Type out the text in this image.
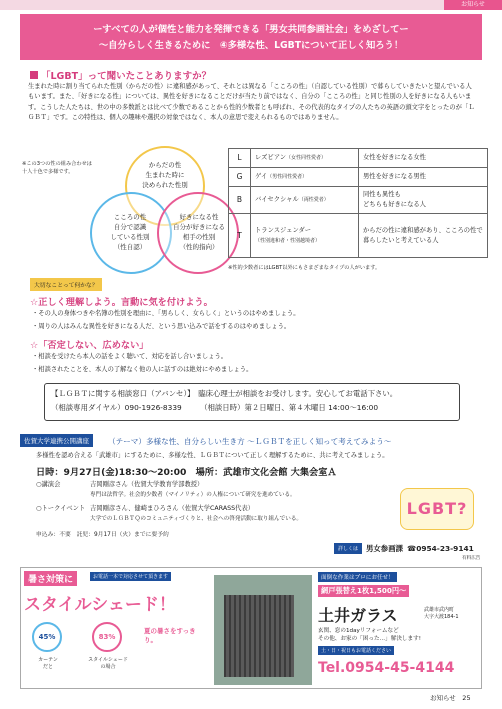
お知らせ
ーすべての人が個性と能力を発揮できる「男女共同参画社会」をめざしてー
〜自分らしく生きるために　④多様な性、LGBTについて正しく知ろう！
「LGBT」って聞いたことありますか？
生まれた時に割り当てられた性別（からだの性）に違和感があって、それとは異なる「こころの性」（自認している性別）で暮らしていきたいと望んでいる人もいます。また、「好きになる性」については、異性を好きになることだけが当たり前ではなく、自分の「こころの性」と同じ性別の人を好きになる人もいます。こうした人たちは、世の中の多数派とは比べて少数であることから性的少数者とも呼ばれ、その代表的なタイプの人たちの英語の頭文字をとったのが「ＬＧＢＴ」です。この特性は、個人の趣味や選択の対象ではなく、本人の意思で変えられるものではありません。
※この3つの性の組み合わせは十人十色で多様です。
からだの性
生まれた時に
決められた性別
こころの性
自分で認識
している性別
（性自認）
好きになる性
自分が好きになる
相手の性別
（性的指向）
L	レズビアン（女性同性愛者）	女性を好きになる女性
G	ゲイ（男性同性愛者）	男性を好きになる男性
B	バイセクシャル（両性愛者）	同性も異性も
どちらも好きになる人
T	トランスジェンダー
（性別違和者・性別越境者）	からだの性に違和感があり、こころの性で暮らしたいと考えている人
※性的少数者にはLGBT以外にもさまざまなタイプの人がいます。
大切なことって何かな？
☆正しく理解しよう。言動に気を付けよう。
・その人の身体つきや名簿の性別を理由に、「男らしく、女らしく」というのはやめましょう。
・周りの人はみんな異性を好きになる人だ、という思い込みで話をするのはやめましょう。
☆「否定しない、広めない」
・相談を受けたら本人の話をよく聴いて、対応を話し合いましょう。
・相談されたことを、本人の了解なく他の人に話すのは絶対にやめましょう。
【ＬＧＢＴに関する相談窓口（アバンセ）】　臨床心理士が相談をお受けします。安心してお電話下さい。
（相談専用ダイヤル）090-1926-8339 （相談日時）第２日曜日、第４木曜日 14:00〜16:00
佐賀大学連携公開講座	（テーマ）多様な性、自分らしい生き方 〜ＬＧＢＴを正しく知って考えてみよう〜
多様性を認め合える「武雄市」にするために、多様な性、ＬＧＢＴについて正しく理解するために、共に考えてみましょう。
日時：9月27日(金)18:30〜20:00　場所：武雄市文化会館 大集会室Ａ
○講演会	吉岡剛彦さん（佐賀大学教育学部教授）
専門は法哲学。社会的少数者（マイノリティ）の人権について研究を進めている。
○トークイベント 吉岡剛彦さん、健崎まひろさん（佐賀大学CARASS代表）
大学でのＬＧＢＴＱのコミュニティづくりと、社会への啓発活動に取り組んでいる。
申込み：不要　託児：9月17日（火）までに要予約
LGBT?
詳しくは	男女参画課 ☎0954-23-9141
有料広告
暑さ対策に	お電話一本で対応させて頂きます
スタイルシェード！
45%
カーテン
だと
83%
スタイルシェード
の場合
夏の暑さをすっきり。
面倒な作業はプロにお任せ！
網戸張替え1枚1,500円〜
土井ガラス	武雄市武内町
大字大渡184-1
玄関、窓の1dayリフォームなど
その他、お家の「困った…」解決します!
土・日・祝日もお電話ください
Tel.0954-45-4144
お知らせ　25
